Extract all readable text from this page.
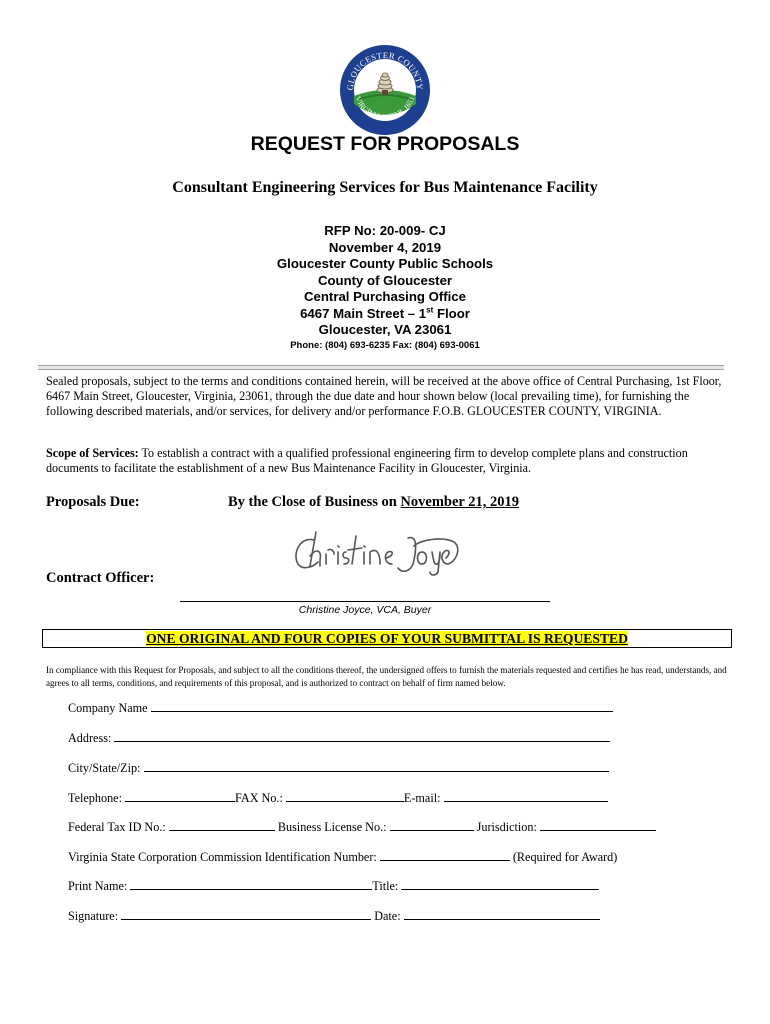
GLOUCESTER COUNTY
VIRGINIA ESTAB. 1651
REQUEST FOR PROPOSALS
Consultant Engineering Services for Bus Maintenance Facility
RFP No: 20-009- CJ
November 4, 2019
Gloucester County Public Schools
County of Gloucester
Central Purchasing Office
6467 Main Street – 1st Floor
Gloucester, VA 23061
Phone: (804) 693-6235 Fax: (804) 693-0061
Sealed proposals, subject to the terms and conditions contained herein, will be received at the above office of Central Purchasing, 1st Floor, 6467 Main Street, Gloucester, Virginia, 23061, through the due date and hour shown below (local prevailing time), for furnishing the following described materials, and/or services, for delivery and/or performance F.O.B. GLOUCESTER COUNTY, VIRGINIA.
Scope of Services: To establish a contract with a qualified professional engineering firm to develop complete plans and construction documents to facilitate the establishment of a new Bus Maintenance Facility in Gloucester, Virginia.
Proposals Due:	By the Close of Business on November 21, 2019
Contract Officer:
Christine Joyce, VCA, Buyer
ONE ORIGINAL AND FOUR COPIES OF YOUR SUBMITTAL IS REQUESTED
In compliance with this Request for Proposals, and subject to all the conditions thereof, the undersigned offers to furnish the materials requested and certifies he has read, understands, and agrees to all terms, conditions, and requirements of this proposal, and is authorized to contract on behalf of firm named below.
Company Name
Address:
City/State/Zip:
Telephone:	FAX No.:	E-mail:
Federal Tax ID No.:	Business License No.:	Jurisdiction:
Virginia State Corporation Commission Identification Number:	(Required for Award)
Print Name:	Title:
Signature:	Date:
